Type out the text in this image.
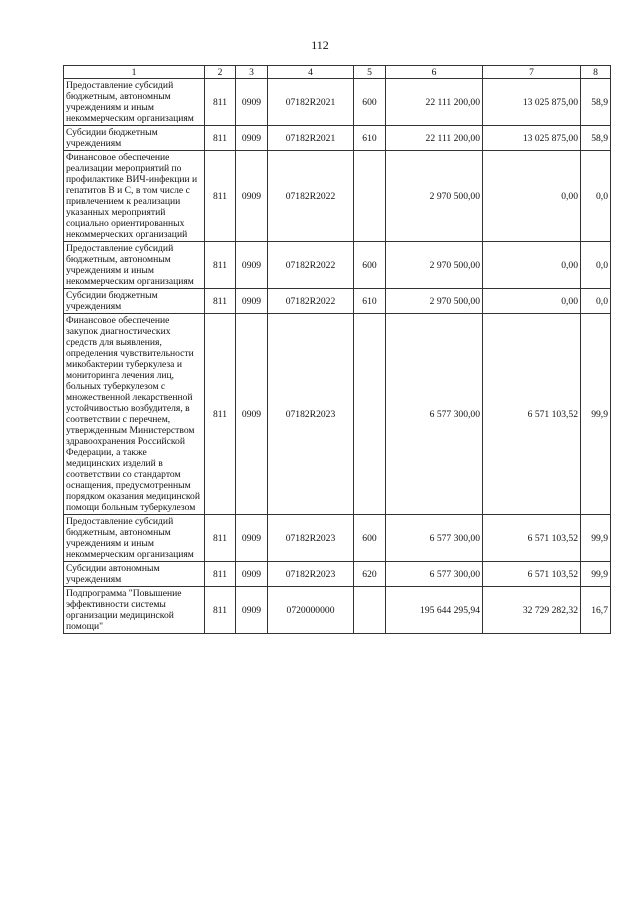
112
1	2	3	4	5	6	7	8
Предоставление субсидий бюджетным, автономным учреждениям и иным некоммерческим организациям	811	0909	07182R2021	600	22 111 200,00	13 025 875,00	58,9
Субсидии бюджетным учреждениям	811	0909	07182R2021	610	22 111 200,00	13 025 875,00	58,9
Финансовое обеспечение реализации мероприятий по профилактике ВИЧ-инфекции и гепатитов В и С, в том числе с привлечением к реализации указанных мероприятий социально ориентированных некоммерческих организаций	811	0909	07182R2022		2 970 500,00	0,00	0,0
Предоставление субсидий бюджетным, автономным учреждениям и иным некоммерческим организациям	811	0909	07182R2022	600	2 970 500,00	0,00	0,0
Субсидии бюджетным учреждениям	811	0909	07182R2022	610	2 970 500,00	0,00	0,0
Финансовое обеспечение закупок диагностических средств для выявления, определения чувствительности микобактерии туберкулеза и мониторинга лечения лиц, больных туберкулезом с множественной лекарственной устойчивостью возбудителя, в соответствии с перечнем, утвержденным Министерством здравоохранения Российской Федерации, а также медицинских изделий в соответствии со стандартом оснащения, предусмотренным порядком оказания медицинской помощи больным туберкулезом	811	0909	07182R2023		6 577 300,00	6 571 103,52	99,9
Предоставление субсидий бюджетным, автономным учреждениям и иным некоммерческим организациям	811	0909	07182R2023	600	6 577 300,00	6 571 103,52	99,9
Субсидии автономным учреждениям	811	0909	07182R2023	620	6 577 300,00	6 571 103,52	99,9
Подпрограмма "Повышение эффективности системы организации медицинской помощи"	811	0909	0720000000		195 644 295,94	32 729 282,32	16,7
